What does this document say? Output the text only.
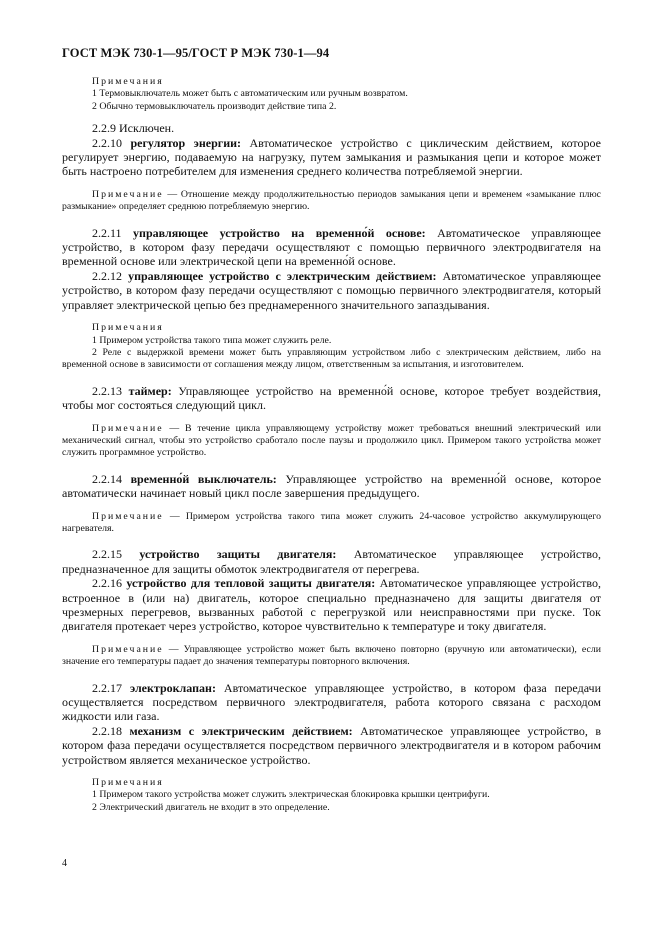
ГОСТ МЭК 730-1—95/ГОСТ Р МЭК 730-1—94

Примечания

1 Термовыключатель может быть с автоматическим или ручным возвратом.

2 Обычно термовыключатель производит действие типа 2.

2.2.9 Исключен.

2.2.10 регулятор энергии: Автоматическое устройство с циклическим действием, которое регулирует энергию, подаваемую на нагрузку, путем замыкания и размыкания цепи и которое может быть настроено потребителем для изменения среднего количества потребляемой энергии.

Примечание — Отношение между продолжительностью периодов замыкания цепи и временем «замыкание плюс размыкание» определяет среднюю потребляемую энергию.

2.2.11 управляющее устройство на временно́й основе: Автоматическое управляющее устройство, в котором фазу передачи осуществляют с помощью первичного электродвигателя на временной основе или электрической цепи на временно́й основе.

2.2.12 управляющее устройство с электрическим действием: Автоматическое управляющее устройство, в котором фазу передачи осуществляют с помощью первичного электродвигателя, который управляет электрической цепью без преднамеренного значительного запаздывания.

Примечания

1 Примером устройства такого типа может служить реле.

2 Реле с выдержкой времени может быть управляющим устройством либо с электрическим действием, либо на временной основе в зависимости от соглашения между лицом, ответственным за испытания, и изготовителем.

2.2.13 таймер: Управляющее устройство на временно́й основе, которое требует воздействия, чтобы мог состояться следующий цикл.

Примечание — В течение цикла управляющему устройству может требоваться внешний электрический или механический сигнал, чтобы это устройство сработало после паузы и продолжило цикл. Примером такого устройства может служить программное устройство.

2.2.14 временно́й выключатель: Управляющее устройство на временно́й основе, которое автоматически начинает новый цикл после завершения предыдущего.

Примечание — Примером устройства такого типа может служить 24-часовое устройство аккумулирующего нагревателя.

2.2.15 устройство защиты двигателя: Автоматическое управляющее устройство, предназначенное для защиты обмоток электродвигателя от перегрева.

2.2.16 устройство для тепловой защиты двигателя: Автоматическое управляющее устройство, встроенное в (или на) двигатель, которое специально предназначено для защиты двигателя от чрезмерных перегревов, вызванных работой с перегрузкой или неисправностями при пуске. Ток двигателя протекает через устройство, которое чувствительно к температуре и току двигателя.

Примечание — Управляющее устройство может быть включено повторно (вручную или автоматически), если значение его температуры падает до значения температуры повторного включения.

2.2.17 электроклапан: Автоматическое управляющее устройство, в котором фаза передачи осуществляется посредством первичного электродвигателя, работа которого связана с расходом жидкости или газа.

2.2.18 механизм с электрическим действием: Автоматическое управляющее устройство, в котором фаза передачи осуществляется посредством первичного электродвигателя и в котором рабочим устройством является механическое устройство.

Примечания

1 Примером такого устройства может служить электрическая блокировка крышки центрифуги.

2 Электрический двигатель не входит в это определение.

4
